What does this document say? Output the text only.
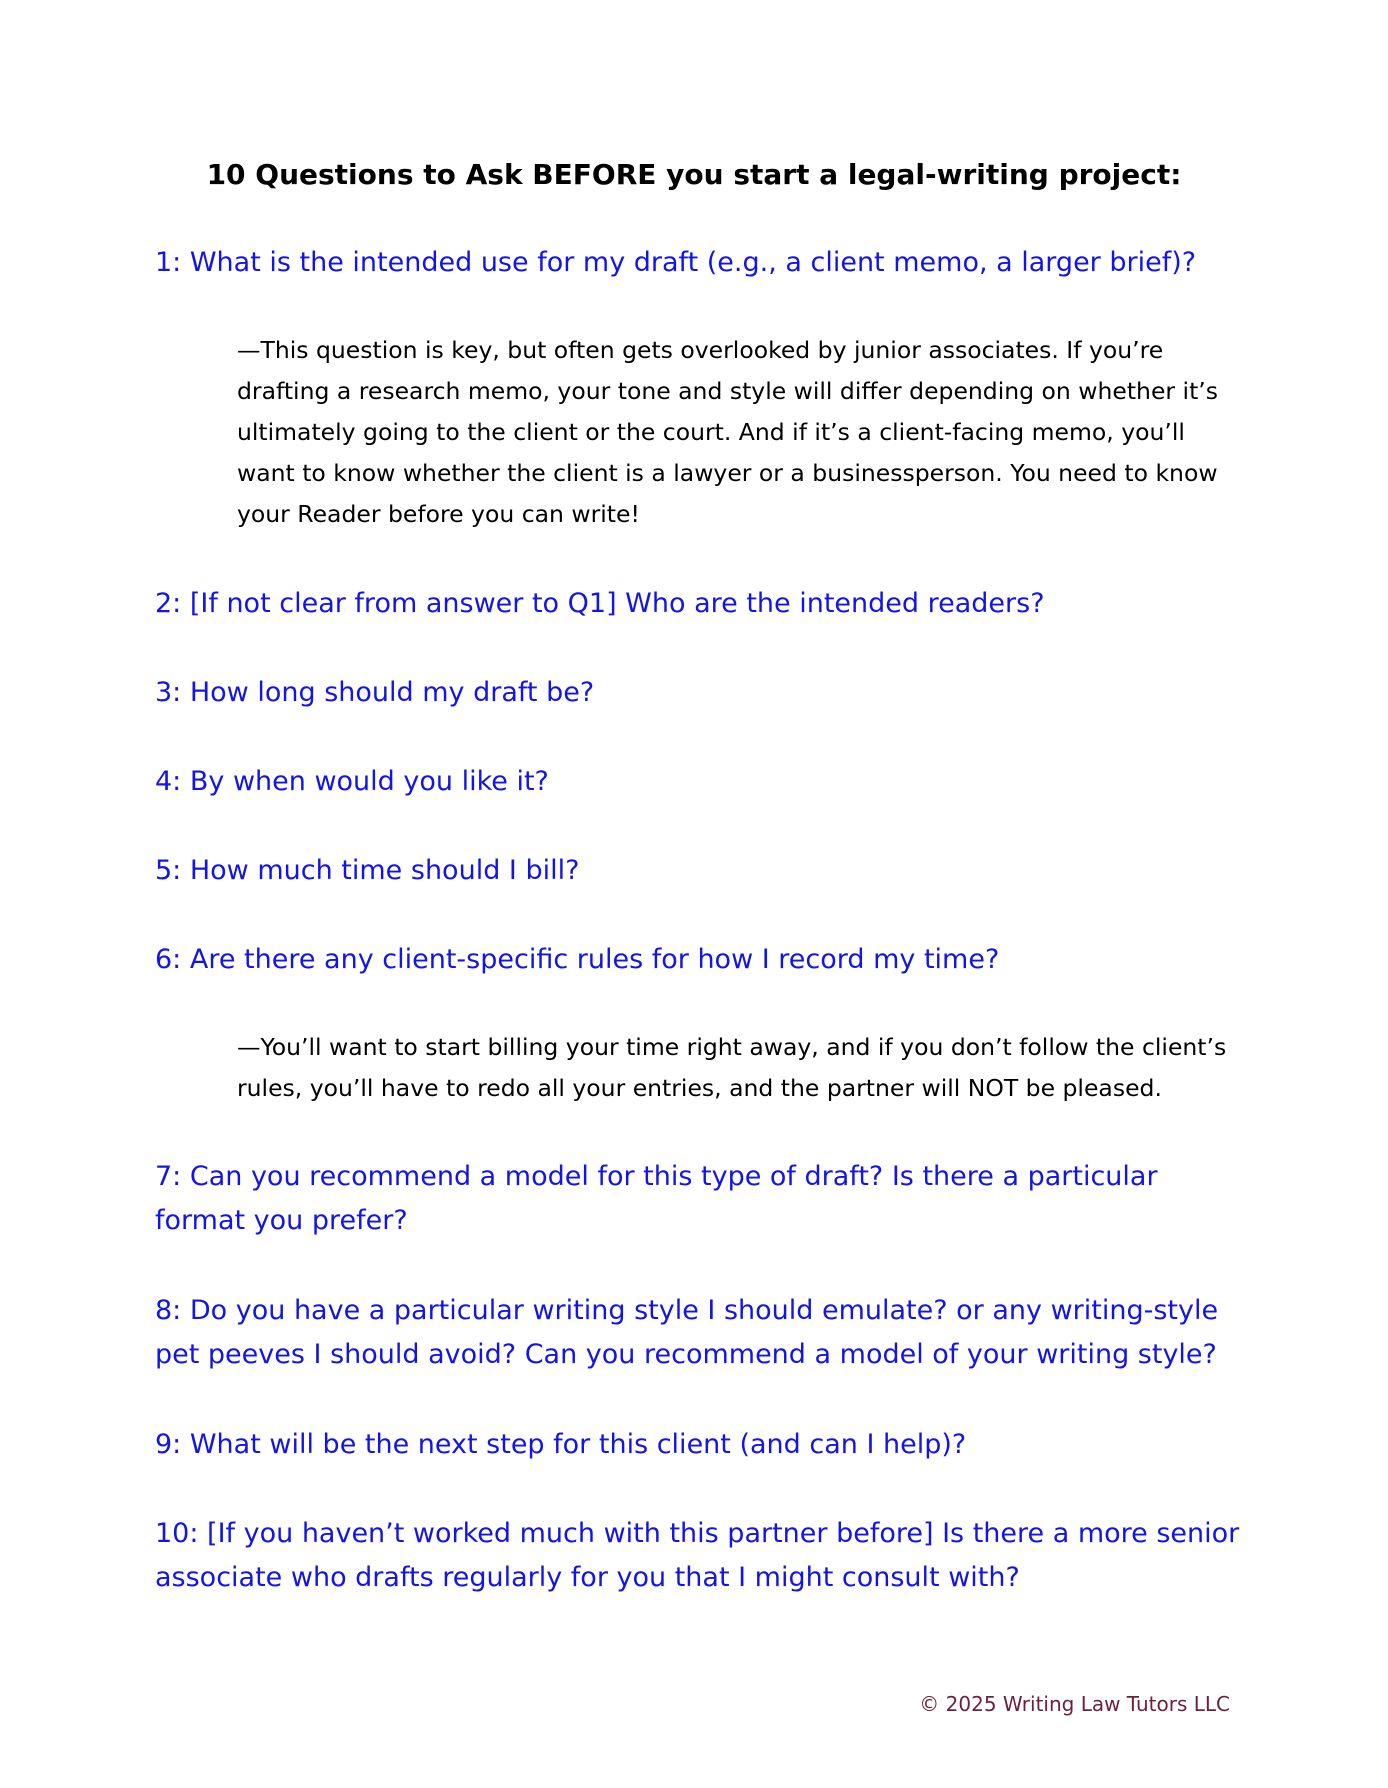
10 Questions to Ask BEFORE you start a legal-writing project:
1: What is the intended use for my draft (e.g., a client memo, a larger brief)?
—This question is key, but often gets overlooked by junior associates. If you’re drafting a research memo, your tone and style will differ depending on whether it’s ultimately going to the client or the court. And if it’s a client-facing memo, you’ll want to know whether the client is a lawyer or a businessperson. You need to know your Reader before you can write!
2: [If not clear from answer to Q1] Who are the intended readers?
3: How long should my draft be?
4: By when would you like it?
5: How much time should I bill?
6: Are there any client-specific rules for how I record my time?
—You’ll want to start billing your time right away, and if you don’t follow the client’s rules, you’ll have to redo all your entries, and the partner will NOT be pleased.
7: Can you recommend a model for this type of draft? Is there a particular format you prefer?
8: Do you have a particular writing style I should emulate? or any writing-style pet peeves I should avoid? Can you recommend a model of your writing style?
9: What will be the next step for this client (and can I help)?
10: [If you haven’t worked much with this partner before] Is there a more senior associate who drafts regularly for you that I might consult with?
© 2025 Writing Law Tutors LLC
